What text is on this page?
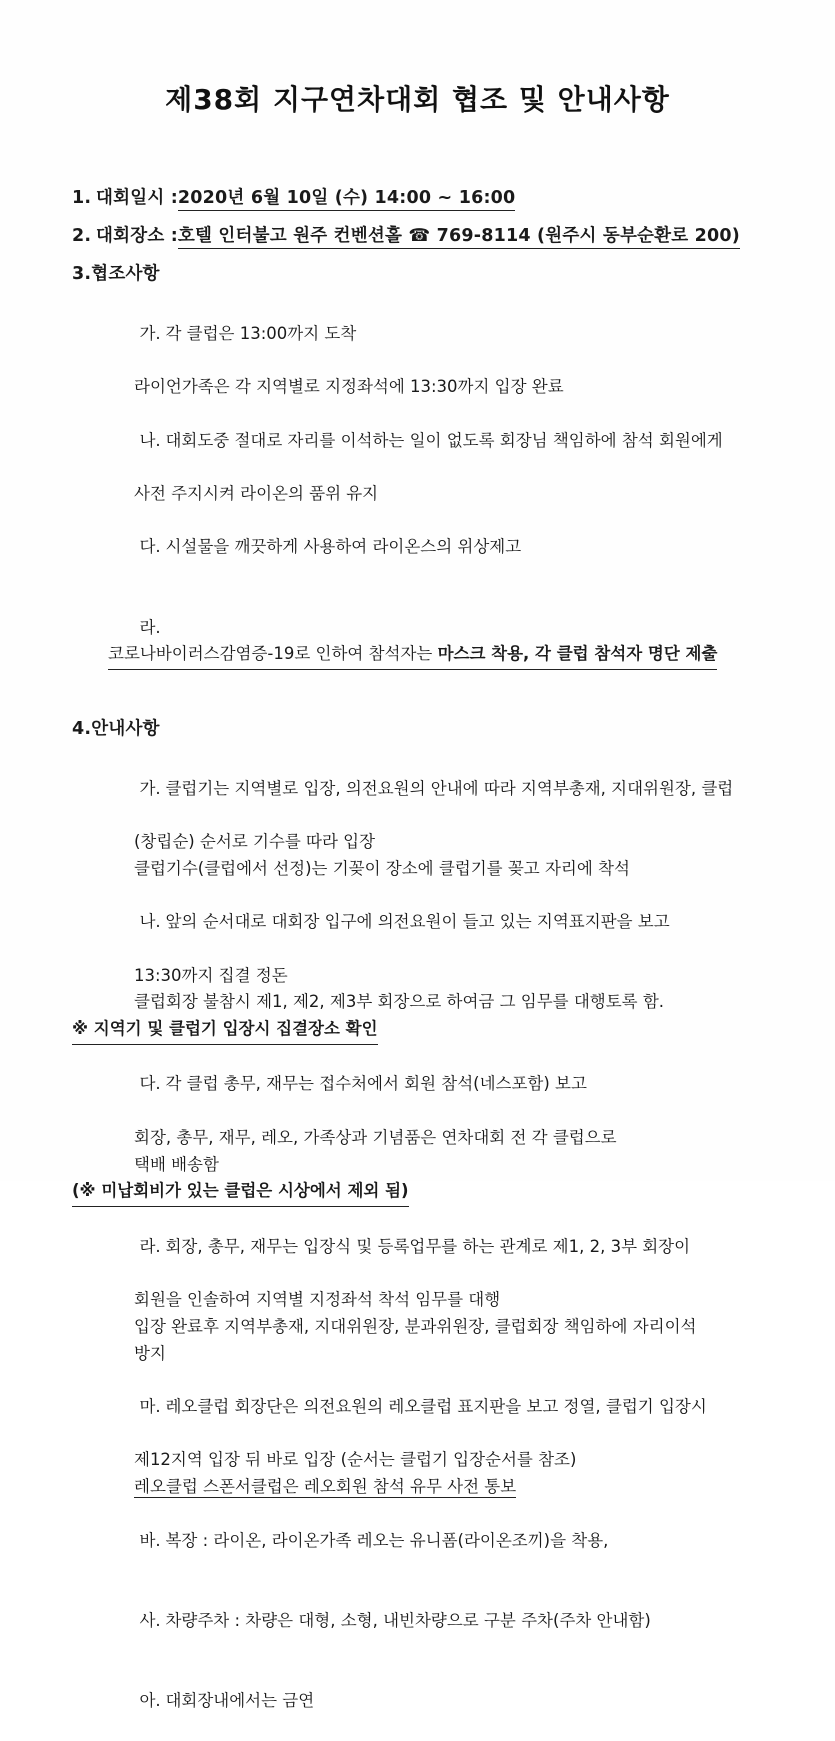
제38회 지구연차대회 협조 및 안내사항
1. 대회일시 :2020년 6월 10일 (수) 14:00 ~ 16:00
2. 대회장소 :호텔 인터불고 원주 컨벤션홀 ☎ 769-8114 (원주시 동부순환로 200)
3.협조사항

가. 각 클럽은 13:00까지 도착

라이언가족은 각 지역별로 지정좌석에 13:30까지 입장 완료

나. 대회도중 절대로 자리를 이석하는 일이 없도록 회장님 책임하에 참석 회원에게

사전 주지시켜 라이온의 품위 유지

다. 시설물을 깨끗하게 사용하여 라이온스의 위상제고

라.코로나바이러스감염증-19로 인하여 참석자는 마스크 착용, 각 클럽 참석자 명단 제출

4.안내사항

가. 클럽기는 지역별로 입장, 의전요원의 안내에 따라 지역부총재, 지대위원장, 클럽

(창립순) 순서로 기수를 따라 입장
클럽기수(클럽에서 선정)는 기꽂이 장소에 클럽기를 꽂고 자리에 착석

나. 앞의 순서대로 대회장 입구에 의전요원이 들고 있는 지역표지판을 보고

13:30까지 집결 정돈
클럽회장 불참시 제1, 제2, 제3부 회장으로 하여금 그 임무를 대행토록 함.
※ 지역기 및 클럽기 입장시 집결장소 확인

다. 각 클럽 총무, 재무는 접수처에서 회원 참석(네스포함) 보고

회장, 총무, 재무, 레오, 가족상과 기념품은 연차대회 전 각 클럽으로
택배 배송함
(※ 미납회비가 있는 클럽은 시상에서 제외 됨)

라. 회장, 총무, 재무는 입장식 및 등록업무를 하는 관계로 제1, 2, 3부 회장이

회원을 인솔하여 지역별 지정좌석 착석 임무를 대행
입장 완료후 지역부총재, 지대위원장, 분과위원장, 클럽회장 책임하에 자리이석
방지

마. 레오클럽 회장단은 의전요원의 레오클럽 표지판을 보고 정열, 클럽기 입장시

제12지역 입장 뒤 바로 입장 (순서는 클럽기 입장순서를 참조)
레오클럽 스폰서클럽은 레오회원 참석 유무 사전 통보

바. 복장 : 라이온, 라이온가족 레오는 유니폼(라이온조끼)을 착용,

사. 차량주차 : 차량은 대형, 소형, 내빈차량으로 구분 주차(주차 안내함)

아. 대회장내에서는 금연
